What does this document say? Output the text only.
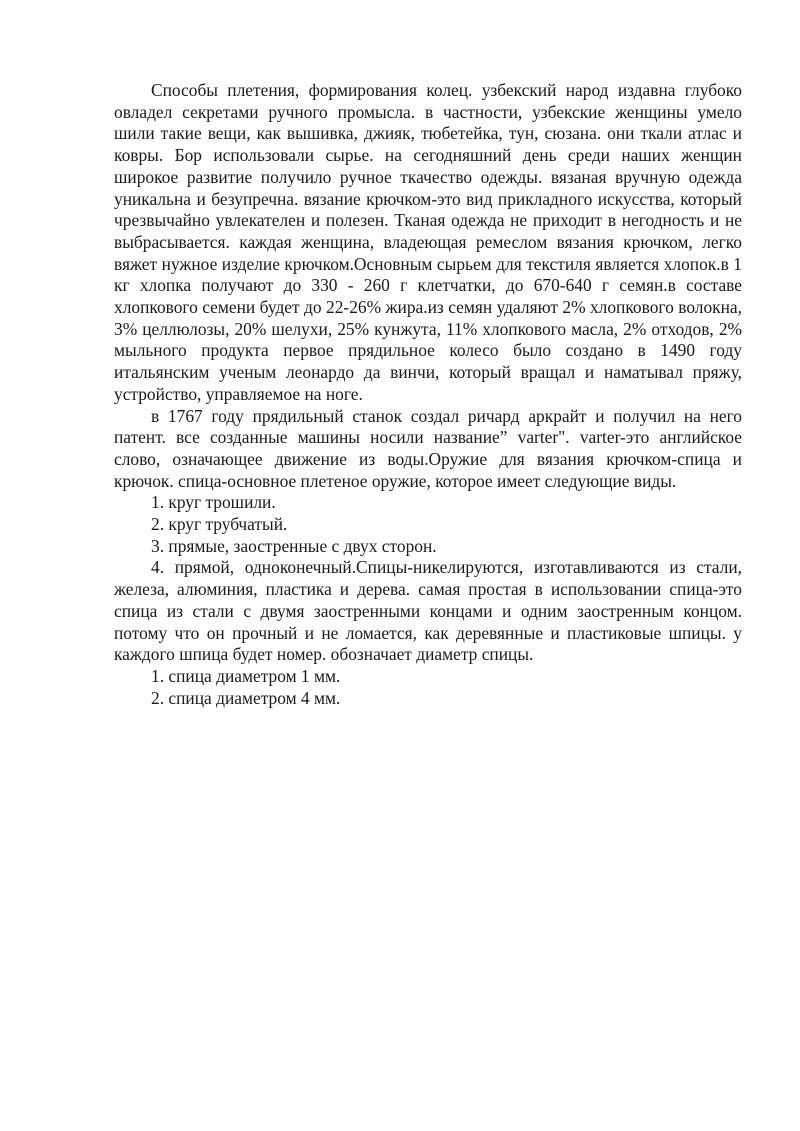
Способы плетения, формирования колец. узбекский народ издавна глубоко овладел секретами ручного промысла. в частности, узбекские женщины умело шили такие вещи, как вышивка, джияк, тюбетейка, тун, сюзана. они ткали атлас и ковры. Бор использовали сырье. на сегодняшний день среди наших женщин широкое развитие получило ручное ткачество одежды. вязаная вручную одежда уникальна и безупречна. вязание крючком-это вид прикладного искусства, который чрезвычайно увлекателен и полезен. Тканая одежда не приходит в негодность и не выбрасывается. каждая женщина, владеющая ремеслом вязания крючком, легко вяжет нужное изделие крючком.Основным сырьем для текстиля является хлопок.в 1 кг хлопка получают до 330 - 260 г клетчатки, до 670-640 г семян.в составе хлопкового семени будет до 22-26% жира.из семян удаляют 2% хлопкового волокна, 3% целлюлозы, 20% шелухи, 25% кунжута, 11% хлопкового масла, 2% отходов, 2% мыльного продукта первое прядильное колесо было создано в 1490 году итальянским ученым леонардо да винчи, который вращал и наматывал пряжу, устройство, управляемое на ноге.

в 1767 году прядильный станок создал ричард аркрайт и получил на него патент. все созданные машины носили название” varter". varter-это английское слово, означающее движение из воды.Оружие для вязания крючком-спица и крючок. спица-основное плетеное оружие, которое имеет следующие виды.

1. круг трошили.

2. круг трубчатый.

3. прямые, заостренные с двух сторон.

4. прямой, одноконечный.Спицы-никелируются, изготавливаются из стали, железа, алюминия, пластика и дерева. самая простая в использовании спица-это спица из стали с двумя заостренными концами и одним заостренным концом. потому что он прочный и не ломается, как деревянные и пластиковые шпицы. у каждого шпица будет номер. обозначает диаметр спицы.

1. спица диаметром 1 мм.

2. спица диаметром 4 мм.
